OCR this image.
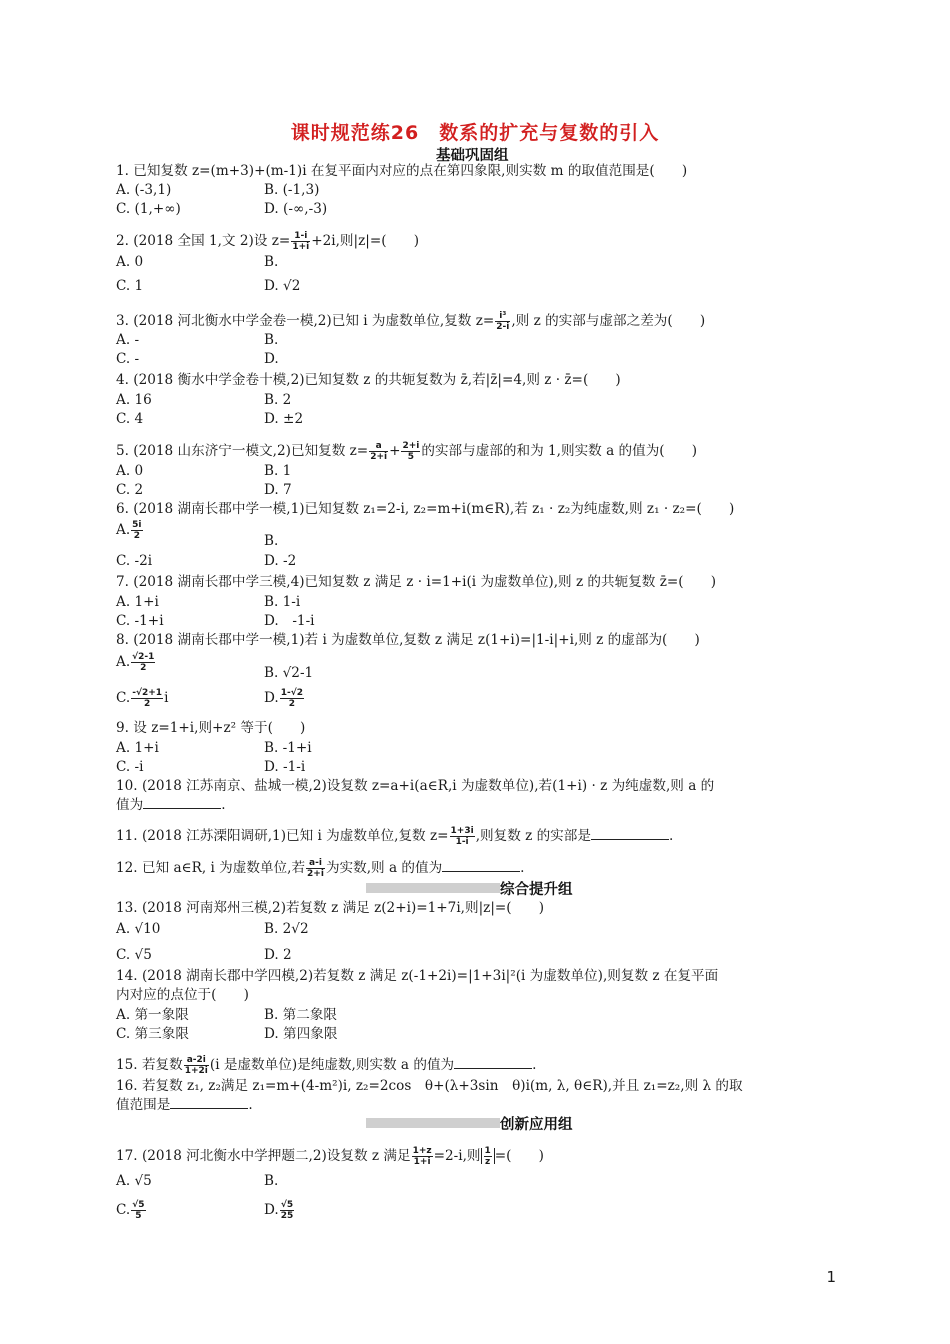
课时规范练26　数系的扩充与复数的引入
基础巩固组
1. 已知复数 z=(m+3)+(m-1)i 在复平面内对应的点在第四象限,则实数 m 的取值范围是(　　)
A. (-3,1)	B. (-1,3)
C. (1,+∞)	D. (-∞,-3)
2. (2018 全国 1,文 2)设 $z= \frac{1-i}{1+i} +2i$,则|z|=(　　)
A. 0	B.
C. 1	D. √2
3. (2018 河北衡水中学金卷一模,2)已知 i 为虚数单位,复数 $z= \frac{\text{i³}}{2-i}$ ,则 z 的实部与虚部之差为(　　)
A. -	B.
C. -	D.
4. (2018 衡水中学金卷十模,2)已知复数 z 的共轭复数为 z̄,若|z̄|=4,则 z · z̄=(　　)
A. 16	B. 2
C. 4	D. ±2
5. (2018 山东济宁一模文,2)已知复数 $z= \frac{a}{2+i} + \frac{2+i}{5}$ 的实部与虚部的和为 1,则实数 a 的值为(　　)
A. 0	B. 1
C. 2	D. 7
6. (2018 湖南长郡中学一模,1)已知复数 z₁=2-i, z₂=m+i(m∈R),若 z₁ · z₂为纯虚数,则 z₁ · z₂=(　　)
A. $\frac{5i}{2}$	B.
C. -2i	D. -2
7. (2018 湖南长郡中学三模,4)已知复数 z 满足 z · i=1+i(i 为虚数单位),则 z 的共轭复数 z̄=(　　)
A. 1+i	B. 1-i
C. -1+i	D.　-1-i
8. (2018 湖南长郡中学一模,1)若 i 为虚数单位,复数 z 满足 z(1+i)=|1-i|+i,则 z 的虚部为(　　)
A. $\frac{√2-1}{2}$	B. √2-1
C. $\frac{-√2+1}{2}$ i	D. $\frac{1-√2}{2}$
9. 设 z=1+i,则+z² 等于(　　)
A. 1+i	B. -1+i
C. -i	D. -1-i
10. (2018 江苏南京、盐城一模,2)设复数 z=a+i(a∈R,i 为虚数单位),若(1+i) · z 为纯虚数,则 a 的
值为	.
11. (2018 江苏溧阳调研,1)已知 i 为虚数单位,复数 $z= \frac{1+3i}{1-i}$ ,则复数 z 的实部是	.
12. 已知 a∈R, i 为虚数单位,若 $\frac{a-i}{2+i}$ 为实数,则 a 的值为	.
综合提升组
13. (2018 河南郑州三模,2)若复数 z 满足 z(2+i)=1+7i,则|z|=(　　)
A. √10	B. 2√2
C. √5	D. 2
14. (2018 湖南长郡中学四模,2)若复数 z 满足 z(-1+2i)=|1+3i|²(i 为虚数单位),则复数 z 在复平面
内对应的点位于(　　)
A. 第一象限	B. 第二象限
C. 第三象限	D. 第四象限
15. 若复数 $\frac{a-2i}{1+2i} (i$ 是虚数单位)是纯虚数,则实数 a 的值为	.
16. 若复数 z₁, z₂满足 z₁=m+(4-m²)i, z₂=2cos　θ+(λ+3sin　θ)i(m, λ, θ∈R),并且 z₁=z₂,则 λ 的取
值范围是	.
创新应用组
17. (2018 河北衡水中学押题二,2)设复数 z 满足 $\frac{1+z}{1+i} =2-i$,则 $\frac{1}{z}$ =(　　)
A. √5	B.
C. $\frac{√5}{5}$	D. $\frac{√5}{25}$
1
